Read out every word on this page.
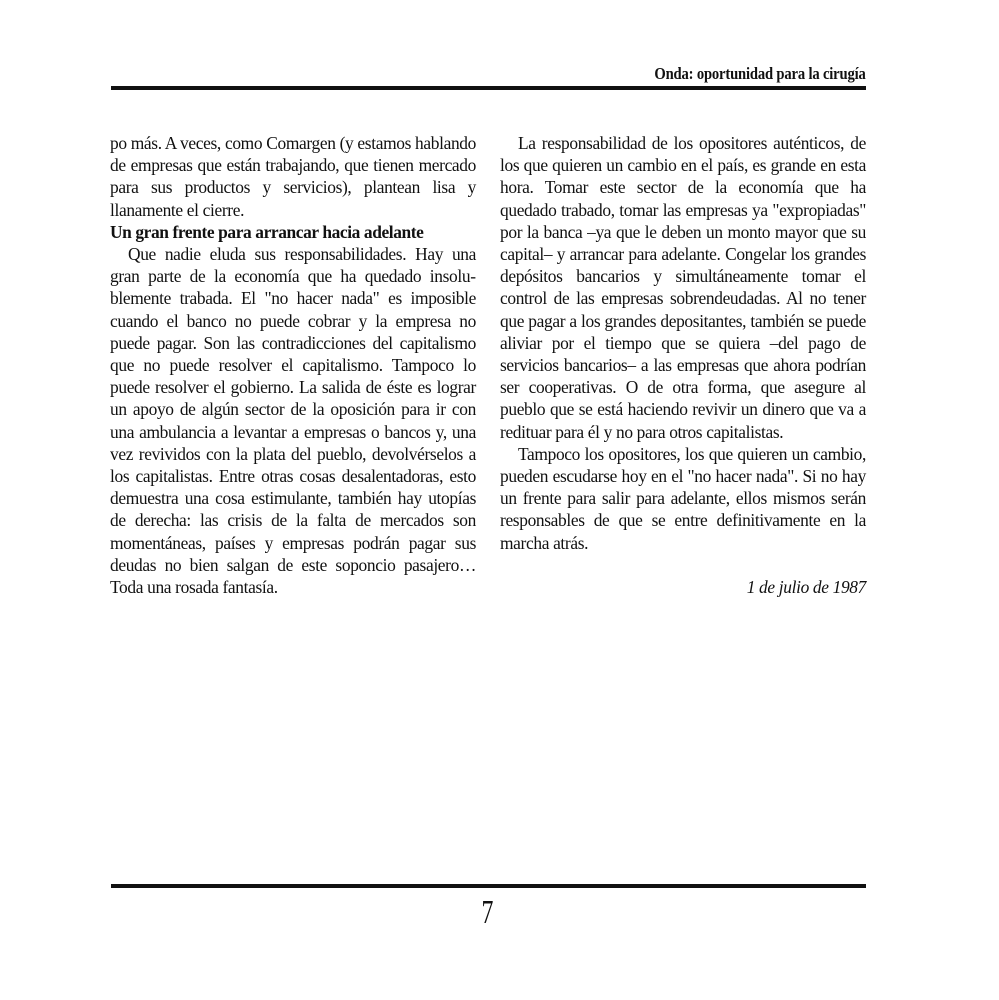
Onda: oportunidad para la cirugía

po más. A veces, como Comargen (y estamos hablando de empresas que están trabajando, que tienen mercado para sus productos y servicios), plantean lisa y llanamente el cierre.

Un gran frente para arrancar hacia adelante

Que nadie eluda sus responsabilidades. Hay una gran parte de la economía que ha quedado insolublemente trabada. El "no hacer nada" es imposible cuando el banco no puede cobrar y la empresa no puede pagar. Son las contradicciones del capitalismo que no puede resolver el capitalismo. Tampoco lo puede resolver el gobierno. La salida de éste es lograr un apoyo de algún sector de la oposición para ir con una ambulancia a levantar a empresas o bancos y, una vez revividos con la plata del pueblo, devolvérselos a los capitalistas. Entre otras cosas desalentadoras, esto demuestra una cosa estimulante, también hay utopías de derecha: las crisis de la falta de mercados son momentáneas, países y empresas podrán pagar sus deudas no bien salgan de este soponcio pasajero… Toda una rosada fantasía.

La responsabilidad de los opositores auténticos, de los que quieren un cambio en el país, es grande en esta hora. Tomar este sector de la economía que ha quedado trabado, tomar las empresas ya "expropiadas" por la banca –ya que le deben un monto mayor que su capital– y arrancar para adelante. Congelar los grandes depósitos bancarios y simultáneamente tomar el control de las empresas sobrendeudadas. Al no tener que pagar a los grandes depositantes, también se puede aliviar por el tiempo que se quiera –del pago de servicios bancarios– a las empresas que ahora podrían ser cooperativas. O de otra forma, que asegure al pueblo que se está haciendo revivir un dinero que va a redituar para él y no para otros capitalistas.

Tampoco los opositores, los que quieren un cambio, pueden escudarse hoy en el "no hacer nada". Si no hay un frente para salir para adelante, ellos mismos serán responsables de que se entre definitivamente en la marcha atrás.

1 de julio de 1987

7
